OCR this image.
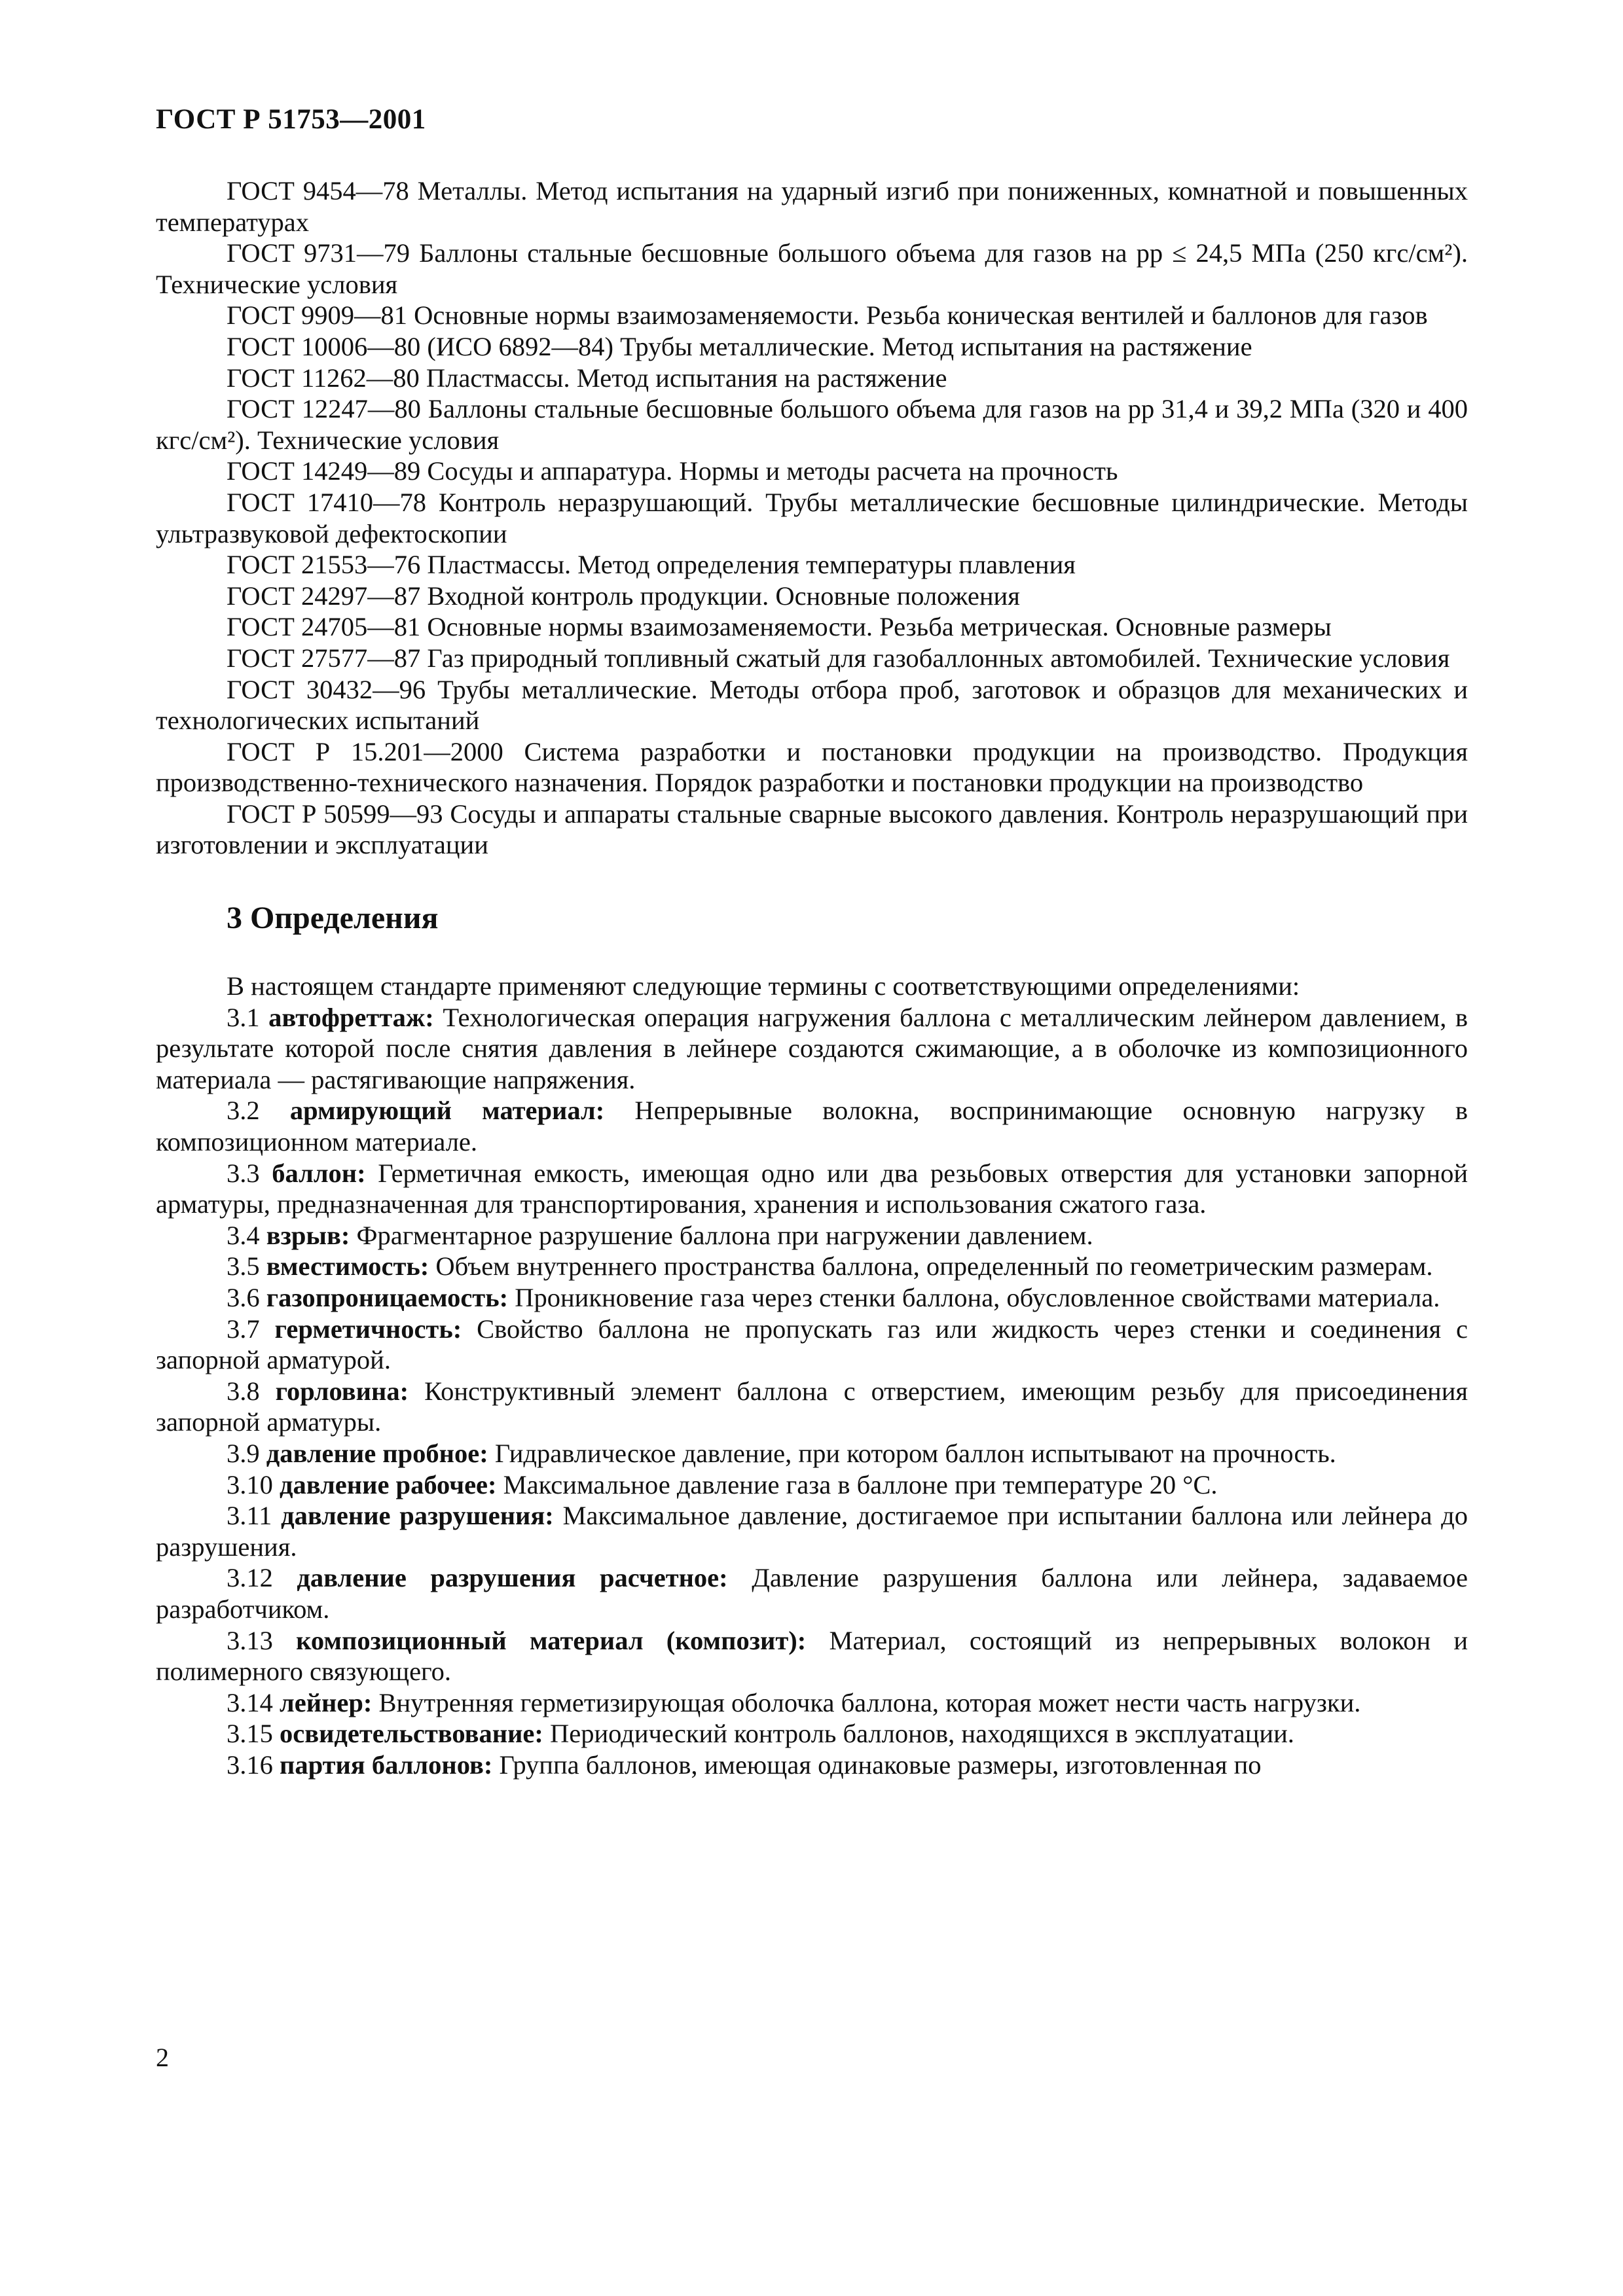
ГОСТ Р 51753—2001

ГОСТ 9454—78 Металлы. Метод испытания на ударный изгиб при пониженных, комнатной и повышенных температурах

ГОСТ 9731—79 Баллоны стальные бесшовные большого объема для газов на pр ≤ 24,5 МПа (250 кгс/см²). Технические условия

ГОСТ 9909—81 Основные нормы взаимозаменяемости. Резьба коническая вентилей и баллонов для газов

ГОСТ 10006—80 (ИСО 6892—84) Трубы металлические. Метод испытания на растяжение

ГОСТ 11262—80 Пластмассы. Метод испытания на растяжение

ГОСТ 12247—80 Баллоны стальные бесшовные большого объема для газов на pр 31,4 и 39,2 МПа (320 и 400 кгс/см²). Технические условия

ГОСТ 14249—89 Сосуды и аппаратура. Нормы и методы расчета на прочность

ГОСТ 17410—78 Контроль неразрушающий. Трубы металлические бесшовные цилиндрические. Методы ультразвуковой дефектоскопии

ГОСТ 21553—76 Пластмассы. Метод определения температуры плавления

ГОСТ 24297—87 Входной контроль продукции. Основные положения

ГОСТ 24705—81 Основные нормы взаимозаменяемости. Резьба метрическая. Основные размеры

ГОСТ 27577—87 Газ природный топливный сжатый для газобаллонных автомобилей. Технические условия

ГОСТ 30432—96 Трубы металлические. Методы отбора проб, заготовок и образцов для механических и технологических испытаний

ГОСТ Р 15.201—2000 Система разработки и постановки продукции на производство. Продукция производственно-технического назначения. Порядок разработки и постановки продукции на производство

ГОСТ Р 50599—93 Сосуды и аппараты стальные сварные высокого давления. Контроль неразрушающий при изготовлении и эксплуатации

3 Определения

В настоящем стандарте применяют следующие термины с соответствующими определениями:

3.1 автофреттаж: Технологическая операция нагружения баллона с металлическим лейнером давлением, в результате которой после снятия давления в лейнере создаются сжимающие, а в оболочке из композиционного материала — растягивающие напряжения.

3.2 армирующий материал: Непрерывные волокна, воспринимающие основную нагрузку в композиционном материале.

3.3 баллон: Герметичная емкость, имеющая одно или два резьбовых отверстия для установки запорной арматуры, предназначенная для транспортирования, хранения и использования сжатого газа.

3.4 взрыв: Фрагментарное разрушение баллона при нагружении давлением.

3.5 вместимость: Объем внутреннего пространства баллона, определенный по геометрическим размерам.

3.6 газопроницаемость: Проникновение газа через стенки баллона, обусловленное свойствами материала.

3.7 герметичность: Свойство баллона не пропускать газ или жидкость через стенки и соединения с запорной арматурой.

3.8 горловина: Конструктивный элемент баллона с отверстием, имеющим резьбу для присоединения запорной арматуры.

3.9 давление пробное: Гидравлическое давление, при котором баллон испытывают на прочность.

3.10 давление рабочее: Максимальное давление газа в баллоне при температуре 20 °С.

3.11 давление разрушения: Максимальное давление, достигаемое при испытании баллона или лейнера до разрушения.

3.12 давление разрушения расчетное: Давление разрушения баллона или лейнера, задаваемое разработчиком.

3.13 композиционный материал (композит): Материал, состоящий из непрерывных волокон и полимерного связующего.

3.14 лейнер: Внутренняя герметизирующая оболочка баллона, которая может нести часть нагрузки.

3.15 освидетельствование: Периодический контроль баллонов, находящихся в эксплуатации.

3.16 партия баллонов: Группа баллонов, имеющая одинаковые размеры, изготовленная по

2
